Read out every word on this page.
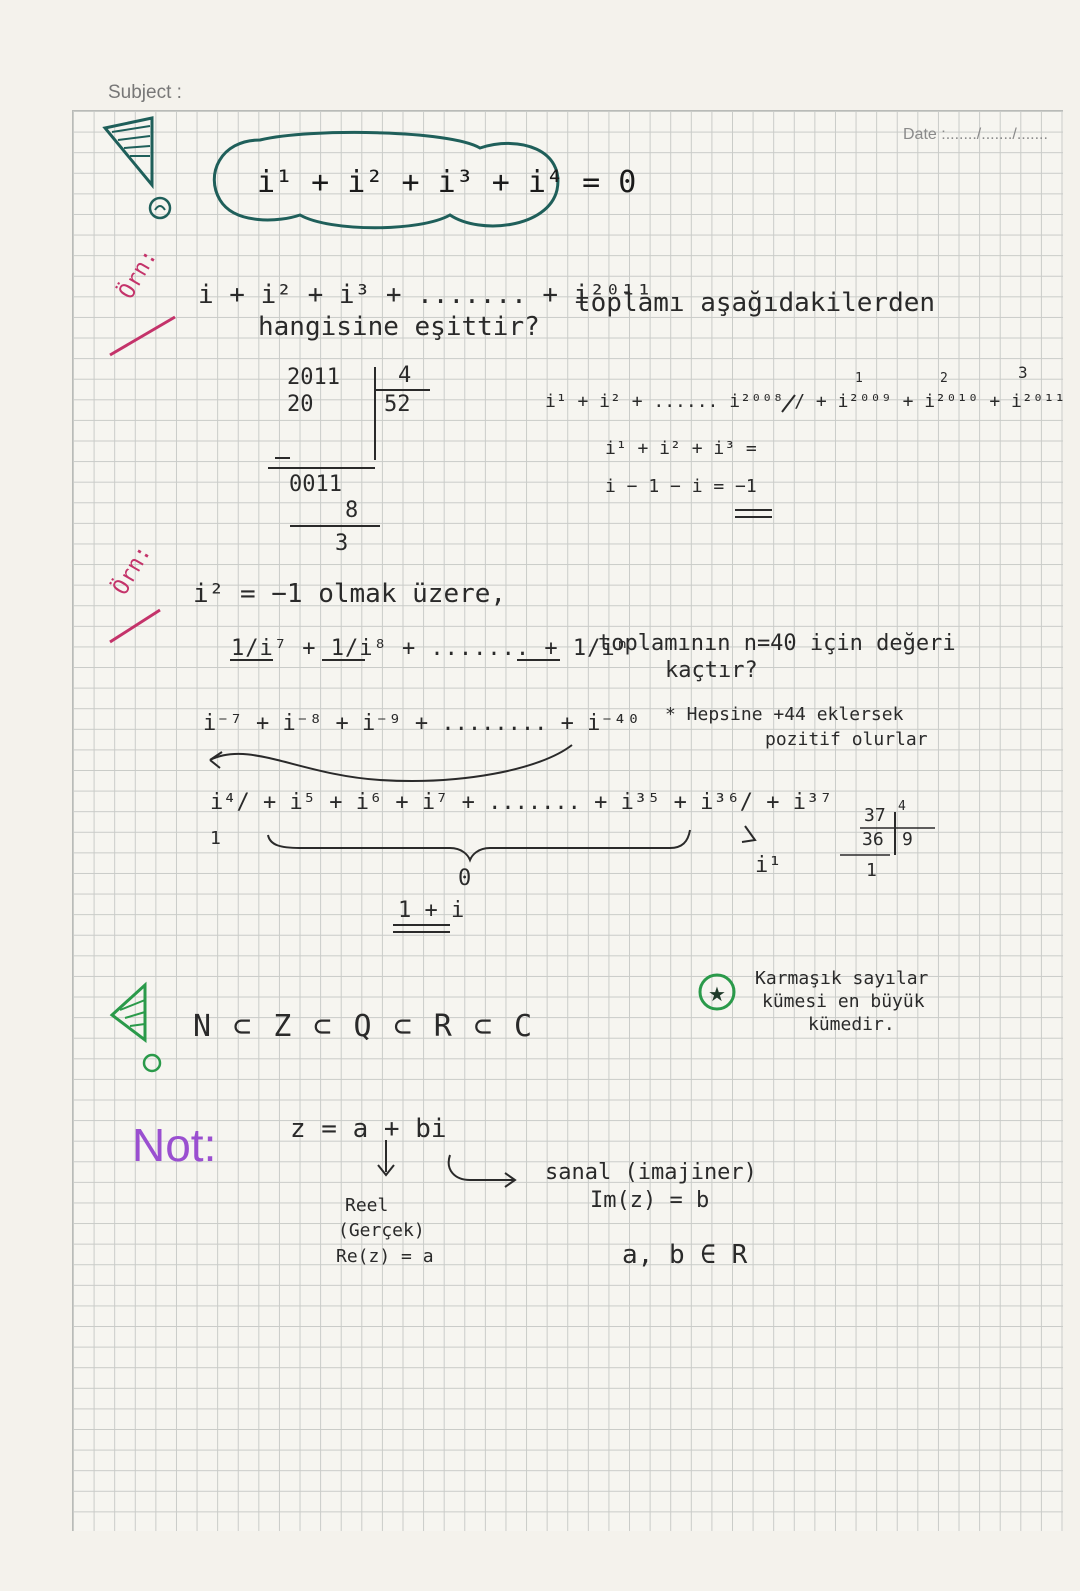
Subject :
Date :......./......./.......
★
i¹ + i² + i³ + i⁴ = 0
Örn: i + i² + i³ + ....... + i²⁰¹¹
toplamı aşağıdakilerden
hangisine eşittir?
2011	4
20	52
0011
8
3
i¹ + i² + ...... i²⁰⁰⁸ / + i²⁰⁰⁹ + i²⁰¹⁰ + i²⁰¹¹
1	2	3
i¹ + i² + i³ =
i − 1 − i = −1
Örn: i² = −1 olmak üzere,
1/i⁷ + 1/i⁸ + ....... + 1/iⁿ
toplamının n=40 için değeri
kaçtır?
i⁻⁷ + i⁻⁸ + i⁻⁹ + ........ + i⁻⁴⁰ * Hepsine +44 eklersek
pozitif olurlar
i⁴/ + i⁵ + i⁶ + i⁷ + ....... + i³⁵ + i³⁶/ + i³⁷
1
0
i¹
37 4
36 9
1
1 + i
N ⊂ Z ⊂ Q ⊂ R ⊂ C
Karmaşık sayılar
kümesi en büyük
kümedir.
Not:	z = a + bi
Reel
(Gerçek)
Re(z) = a
sanal (imajiner)
Im(z) = b
a, b ∈ R
